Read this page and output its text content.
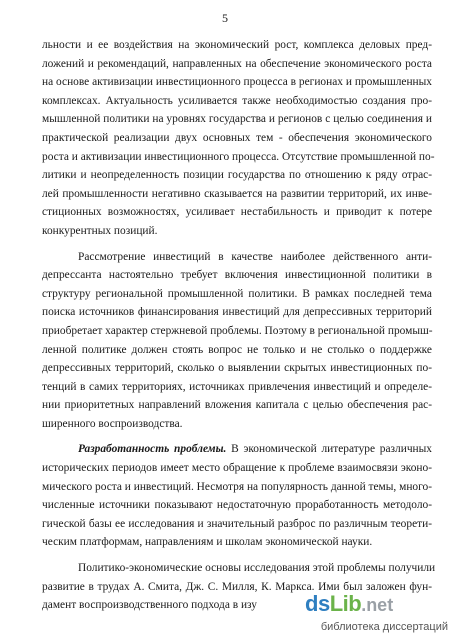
5
льности и ее воздействия на экономический рост, комплекса деловых пред-
ложений и рекомендаций, направленных на обеспечение экономического роста
на основе активизации инвестиционного процесса в регионах и промышленных
комплексах. Актуальность усиливается также необходимостью создания про-
мышленной политики на уровнях государства и регионов с целью соединения и
практической реализации двух основных тем - обеспечения экономического
роста и активизации инвестиционного процесса. Отсутствие промышленной по-
литики и неопределенность позиции государства по отношению к ряду отрас-
лей промышленности негативно сказывается на развитии территорий, их инве-
стиционных возможностях, усиливает нестабильность и приводит к потере
конкурентных позиций.
Рассмотрение инвестиций в качестве наиболее действенного анти-
депрессанта настоятельно требует включения инвестиционной политики в
структуру региональной промышленной политики. В рамках последней тема
поиска источников финансирования инвестиций для депрессивных территорий
приобретает характер стержневой проблемы. Поэтому в региональной промыш-
ленной политике должен стоять вопрос не только и не столько о поддержке
депрессивных территорий, сколько о выявлении скрытых инвестиционных по-
тенций в самих территориях, источниках привлечения инвестиций и определе-
нии приоритетных направлений вложения капитала с целью обеспечения рас-
ширенного воспроизводства.
Разработанность проблемы. В экономической литературе различных
исторических периодов имеет место обращение к проблеме взаимосвязи эконо-
мического роста и инвестиций. Несмотря на популярность данной темы, много-
численные источники показывают недостаточную проработанность методоло-
гической базы ее исследования и значительный разброс по различным теорети-
ческим платформам, направлениям и школам экономической науки.
Политико-экономические основы исследования этой проблемы получили
развитие в трудах А. Смита, Дж. С. Милля, К. Маркса. Ими был заложен фун-
дамент воспроизводственного подхода в изу	dsLib.net
библиотека диссертаций
